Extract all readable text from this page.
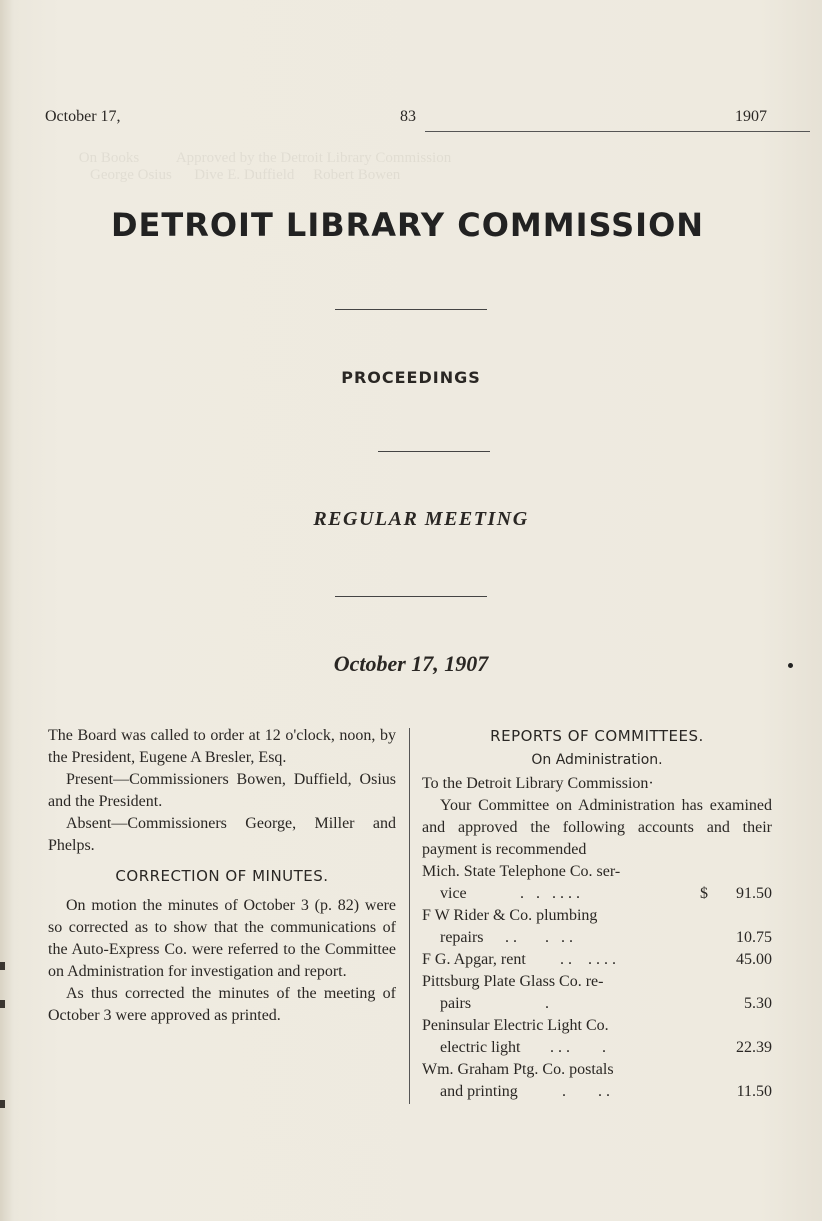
October 17,	83	1907
DETROIT LIBRARY COMMISSION
PROCEEDINGS
REGULAR MEETING
October 17, 1907

The Board was called to order at 12 o'clock, noon, by the President, Eugene A Bresler, Esq.

Present—Commissioners Bowen, Duffield, Osius and the President.

Absent—Commissioners George, Miller and Phelps.

CORRECTION OF MINUTES.

On motion the minutes of October 3 (p. 82) were so corrected as to show that the communications of the Auto-Express Co. were referred to the Committee on Administration for investigation and report.

As thus corrected the minutes of the meeting of October 3 were approved as printed.

REPORTS OF COMMITTEES.
On Administration.

To the Detroit Library Commission·

Your Committee on Administration has examined and approved the following accounts and their payment is recommended

Mich. State Telephone Co. ser-
vice	.   .   . . . .	$ 91.50
F W Rider & Co. plumbing
repairs . .       .   . .	10.75
F G. Apgar, rent . .    . . . .	45.00
Pittsburg Plate Glass Co. re-
pairs .	5.30
Peninsular Electric Light Co.
electric light . . .        .	22.39
Wm. Graham Ptg. Co. postals
and printing .        . .	11.50
